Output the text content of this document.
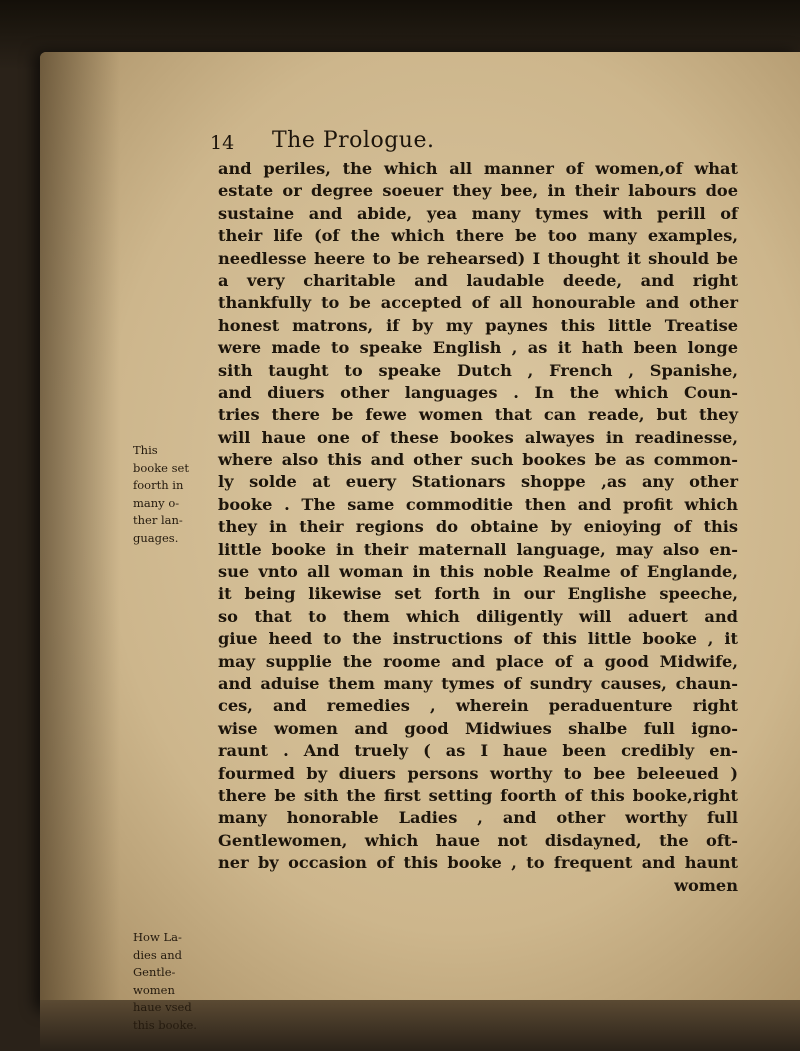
14 The Prologue.
This
booke set
foorth in
many o-
ther lan-
guages.
How La-
dies and
Gentle-
women
haue vsed
this booke.
and periles, the which all manner of women,of what
estate or degree soeuer they bee, in their labours doe
sustaine and abide, yea many tymes with perill of
their life (of the which there be too many examples,
needlesse heere to be rehearsed) I thought it should be
a very charitable and laudable deede, and right
thankfully to be accepted of all honourable and other
honest matrons, if by my paynes this little Treatise
were made to speake English , as it hath been longe
sith taught to speake Dutch , French , Spanishe,
and diuers other languages . In the which Coun-
tries there be fewe women that can reade, but they
will haue one of these bookes alwayes in readinesse,
where also this and other such bookes be as common-
ly solde at euery Stationars shoppe ,as any other
booke . The same commoditie then and profit which
they in their regions do obtaine by enioying of this
little booke in their maternall language, may also en-
sue vnto all woman in this noble Realme of Englande,
it being likewise set forth in our Englishe speeche,
so that to them which diligently will aduert and
giue heed to the instructions of this little booke , it
may supplie the roome and place of a good Midwife,
and aduise them many tymes of sundry causes, chaun-
ces, and remedies , wherein peraduenture right
wise women and good Midwiues shalbe full igno-
raunt . And truely ( as I haue been credibly en-
fourmed by diuers persons worthy to bee beleeued )
there be sith the first setting foorth of this booke,right
many honorable Ladies , and other worthy full
Gentlewomen, which haue not disdayned, the oft-
ner by occasion of this booke , to frequent and haunt
women
